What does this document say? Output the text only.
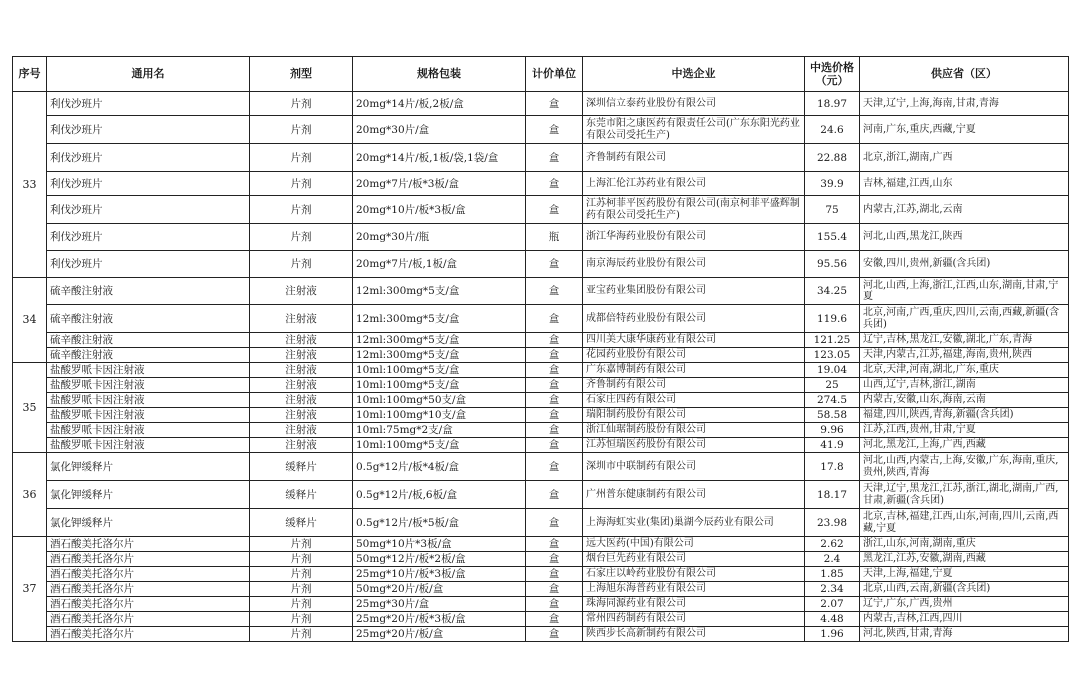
序号	通用名	剂型	规格包装	计价单位	中选企业	中选价格（元）	供应省（区）
33	利伐沙班片	片剂	20mg*14片/板,2板/盒	盒	深圳信立泰药业股份有限公司	18.97	天津,辽宁,上海,海南,甘肃,青海
	利伐沙班片	片剂	20mg*30片/盒	盒	东莞市阳之康医药有限责任公司(广东东阳光药业有限公司受托生产)	24.6	河南,广东,重庆,西藏,宁夏
	利伐沙班片	片剂	20mg*14片/板,1板/袋,1袋/盒	盒	齐鲁制药有限公司	22.88	北京,浙江,湖南,广西
	利伐沙班片	片剂	20mg*7片/板*3板/盒	盒	上海汇伦江苏药业有限公司	39.9	吉林,福建,江西,山东
	利伐沙班片	片剂	20mg*10片/板*3板/盒	盒	江苏柯菲平医药股份有限公司(南京柯菲平盛辉制药有限公司受托生产)	75	内蒙古,江苏,湖北,云南
	利伐沙班片	片剂	20mg*30片/瓶	瓶	浙江华海药业股份有限公司	155.4	河北,山西,黑龙江,陕西
	利伐沙班片	片剂	20mg*7片/板,1板/盒	盒	南京海辰药业股份有限公司	95.56	安徽,四川,贵州,新疆(含兵团)
34	硫辛酸注射液	注射液	12ml:300mg*5支/盒	盒	亚宝药业集团股份有限公司	34.25	河北,山西,上海,浙江,江西,山东,湖南,甘肃,宁夏
	硫辛酸注射液	注射液	12ml:300mg*5支/盒	盒	成都倍特药业股份有限公司	119.6	北京,河南,广西,重庆,四川,云南,西藏,新疆(含兵团)
	硫辛酸注射液	注射液	12ml:300mg*5支/盒	盒	四川美大康华康药业有限公司	121.25	辽宁,吉林,黑龙江,安徽,湖北,广东,青海
	硫辛酸注射液	注射液	12ml:300mg*5支/盒	盒	花园药业股份有限公司	123.05	天津,内蒙古,江苏,福建,海南,贵州,陕西
35	盐酸罗哌卡因注射液	注射液	10ml:100mg*5支/盒	盒	广东嘉博制药有限公司	19.04	北京,天津,河南,湖北,广东,重庆
	盐酸罗哌卡因注射液	注射液	10ml:100mg*5支/盒	盒	齐鲁制药有限公司	25	山西,辽宁,吉林,浙江,湖南
	盐酸罗哌卡因注射液	注射液	10ml:100mg*50支/盒	盒	石家庄四药有限公司	274.5	内蒙古,安徽,山东,海南,云南
	盐酸罗哌卡因注射液	注射液	10ml:100mg*10支/盒	盒	瑞阳制药股份有限公司	58.58	福建,四川,陕西,青海,新疆(含兵团)
	盐酸罗哌卡因注射液	注射液	10ml:75mg*2支/盒	盒	浙江仙琚制药股份有限公司	9.96	江苏,江西,贵州,甘肃,宁夏
	盐酸罗哌卡因注射液	注射液	10ml:100mg*5支/盒	盒	江苏恒瑞医药股份有限公司	41.9	河北,黑龙江,上海,广西,西藏
36	氯化钾缓释片	缓释片	0.5g*12片/板*4板/盒	盒	深圳市中联制药有限公司	17.8	河北,山西,内蒙古,上海,安徽,广东,海南,重庆,贵州,陕西,青海
	氯化钾缓释片	缓释片	0.5g*12片/板,6板/盒	盒	广州普东健康制药有限公司	18.17	天津,辽宁,黑龙江,江苏,浙江,湖北,湖南,广西,甘肃,新疆(含兵团)
	氯化钾缓释片	缓释片	0.5g*12片/板*5板/盒	盒	上海海虹实业(集团)巢湖今辰药业有限公司	23.98	北京,吉林,福建,江西,山东,河南,四川,云南,西藏,宁夏
37	酒石酸美托洛尔片	片剂	50mg*10片*3板/盒	盒	远大医药(中国)有限公司	2.62	浙江,山东,河南,湖南,重庆
	酒石酸美托洛尔片	片剂	50mg*12片/板*2板/盒	盒	烟台巨先药业有限公司	2.4	黑龙江,江苏,安徽,湖南,西藏
	酒石酸美托洛尔片	片剂	25mg*10片/板*3板/盒	盒	石家庄以岭药业股份有限公司	1.85	天津,上海,福建,宁夏
	酒石酸美托洛尔片	片剂	50mg*20片/板/盒	盒	上海旭东海普药业有限公司	2.34	北京,山西,云南,新疆(含兵团)
	酒石酸美托洛尔片	片剂	25mg*30片/盒	盒	珠海同源药业有限公司	2.07	辽宁,广东,广西,贵州
	酒石酸美托洛尔片	片剂	25mg*20片/板*3板/盒	盒	常州四药制药有限公司	4.48	内蒙古,吉林,江西,四川
	酒石酸美托洛尔片	片剂	25mg*20片/板/盒	盒	陕西步长高新制药有限公司	1.96	河北,陕西,甘肃,青海
